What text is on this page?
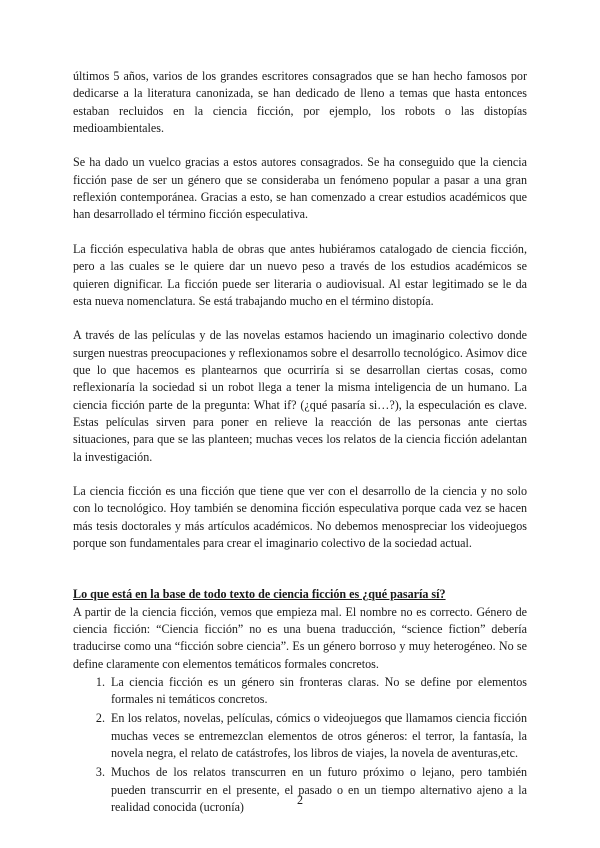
últimos 5 años, varios de los grandes escritores consagrados que se han hecho famosos por dedicarse a la literatura canonizada, se han dedicado de lleno a temas que hasta entonces estaban recluidos en la ciencia ficción, por ejemplo, los robots o las distopías medioambientales.

Se ha dado un vuelco gracias a estos autores consagrados. Se ha conseguido que la ciencia ficción pase de ser un género que se consideraba un fenómeno popular a pasar a una gran reflexión contemporánea. Gracias a esto, se han comenzado a crear estudios académicos que han desarrollado el término ficción especulativa.

La ficción especulativa habla de obras que antes hubiéramos catalogado de ciencia ficción, pero a las cuales se le quiere dar un nuevo peso a través de los estudios académicos se quieren dignificar. La ficción puede ser literaria o audiovisual. Al estar legitimado se le da esta nueva nomenclatura. Se está trabajando mucho en el término distopía.

A través de las películas y de las novelas estamos haciendo un imaginario colectivo donde surgen nuestras preocupaciones y reflexionamos sobre el desarrollo tecnológico. Asimov dice que lo que hacemos es plantearnos que ocurriría si se desarrollan ciertas cosas, como reflexionaría la sociedad si un robot llega a tener la misma inteligencia de un humano. La ciencia ficción parte de la pregunta: What if? (¿qué pasaría si…?), la especulación es clave. Estas películas sirven para poner en relieve la reacción de las personas ante ciertas situaciones, para que se las planteen; muchas veces los relatos de la ciencia ficción adelantan la investigación.

La ciencia ficción es una ficción que tiene que ver con el desarrollo de la ciencia y no solo con lo tecnológico. Hoy también se denomina ficción especulativa porque cada vez se hacen más tesis doctorales y más artículos académicos. No debemos menospreciar los videojuegos porque son fundamentales para crear el imaginario colectivo de la sociedad actual.

Lo que está en la base de todo texto de ciencia ficción es ¿qué pasaría sí?

A partir de la ciencia ficción, vemos que empieza mal. El nombre no es correcto. Género de ciencia ficción: “Ciencia ficción” no es una buena traducción, “science fiction” debería traducirse como una “ficción sobre ciencia”. Es un género borroso y muy heterogéneo. No se define claramente con elementos temáticos formales concretos.

1. La ciencia ficción es un género sin fronteras claras. No se define por elementos formales ni temáticos concretos.
2. En los relatos, novelas, películas, cómics o videojuegos que llamamos ciencia ficción muchas veces se entremezclan elementos de otros géneros: el terror, la fantasía, la novela negra, el relato de catástrofes, los libros de viajes, la novela de aventuras,etc.
3. Muchos de los relatos transcurren en un futuro próximo o lejano, pero también pueden transcurrir en el presente, el pasado o en un tiempo alternativo ajeno a la realidad conocida (ucronía)	2
